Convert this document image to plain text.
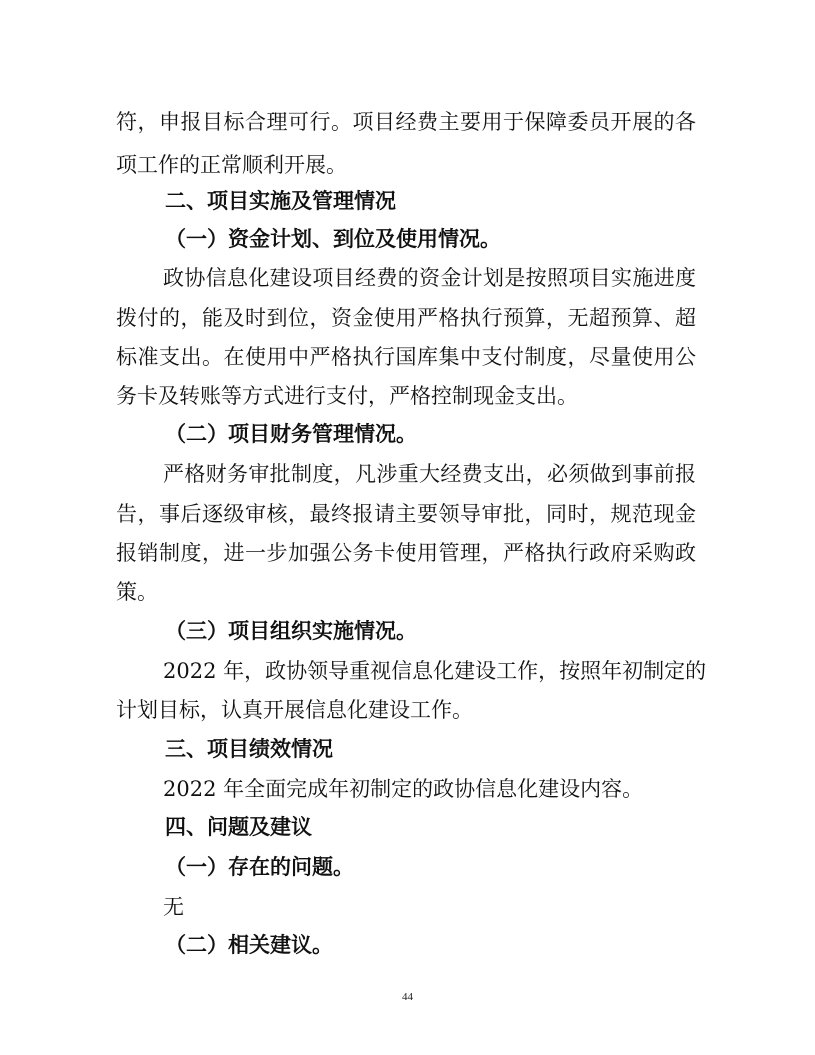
符，申报目标合理可行。项目经费主要用于保障委员开展的各

项工作的正常顺利开展。

二、项目实施及管理情况

（一）资金计划、到位及使用情况。

政协信息化建设项目经费的资金计划是按照项目实施进度

拨付的，能及时到位，资金使用严格执行预算，无超预算、超

标准支出。在使用中严格执行国库集中支付制度，尽量使用公

务卡及转账等方式进行支付，严格控制现金支出。

（二）项目财务管理情况。

严格财务审批制度，凡涉重大经费支出，必须做到事前报

告，事后逐级审核，最终报请主要领导审批，同时，规范现金

报销制度，进一步加强公务卡使用管理，严格执行政府采购政

策。

（三）项目组织实施情况。

2022 年，政协领导重视信息化建设工作，按照年初制定的

计划目标，认真开展信息化建设工作。

三、项目绩效情况

2022 年全面完成年初制定的政协信息化建设内容。

四、问题及建议

（一）存在的问题。

无

（二）相关建议。

44
